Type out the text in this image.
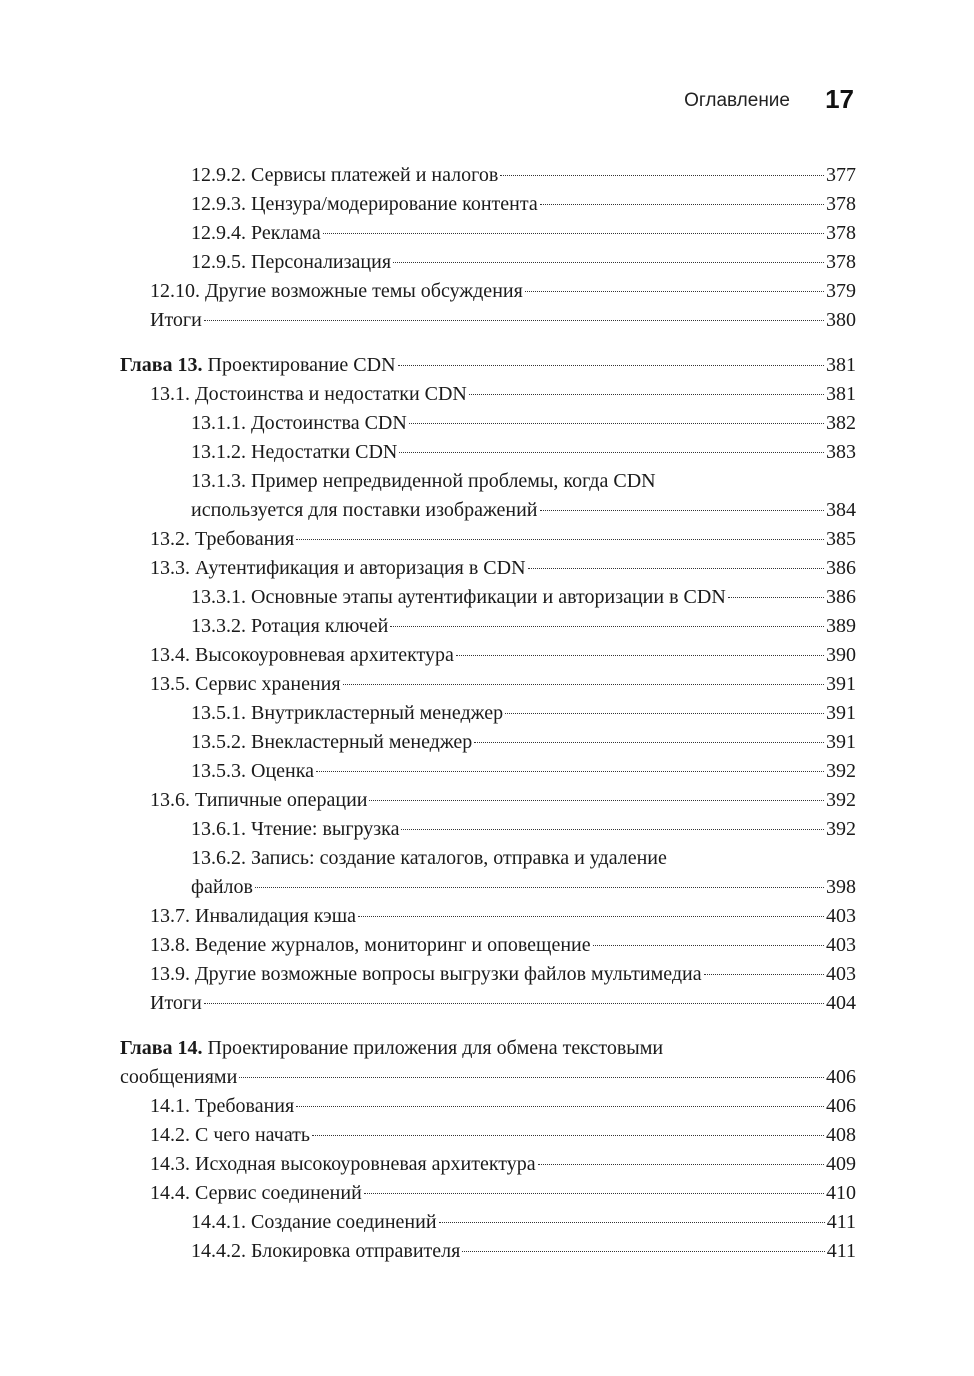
Оглавление 17
12.9.2. Сервисы платежей и налогов	377
12.9.3. Цензура/модерирование контента	378
12.9.4. Реклама	378
12.9.5. Персонализация	378
12.10. Другие возможные темы обсуждения	379
Итоги	380
Глава 13. Проектирование CDN	381
13.1. Достоинства и недостатки CDN	381
13.1.1. Достоинства CDN	382
13.1.2. Недостатки CDN	383
13.1.3. Пример непредвиденной проблемы, когда CDN
используется для поставки изображений	384
13.2. Требования	385
13.3. Аутентификация и авторизация в CDN	386
13.3.1. Основные этапы аутентификации и авторизации в CDN	386
13.3.2. Ротация ключей	389
13.4. Высокоуровневая архитектура	390
13.5. Сервис хранения	391
13.5.1. Внутрикластерный менеджер	391
13.5.2. Внекластерный менеджер	391
13.5.3. Оценка	392
13.6. Типичные операции	392
13.6.1. Чтение: выгрузка	392
13.6.2. Запись: создание каталогов, отправка и удаление
файлов	398
13.7. Инвалидация кэша	403
13.8. Ведение журналов, мониторинг и оповещение	403
13.9. Другие возможные вопросы выгрузки файлов мультимедиа	403
Итоги	404
Глава 14. Проектирование приложения для обмена текстовыми
сообщениями	406
14.1. Требования	406
14.2. С чего начать	408
14.3. Исходная высокоуровневая архитектура	409
14.4. Сервис соединений	410
14.4.1. Создание соединений	411
14.4.2. Блокировка отправителя	411
